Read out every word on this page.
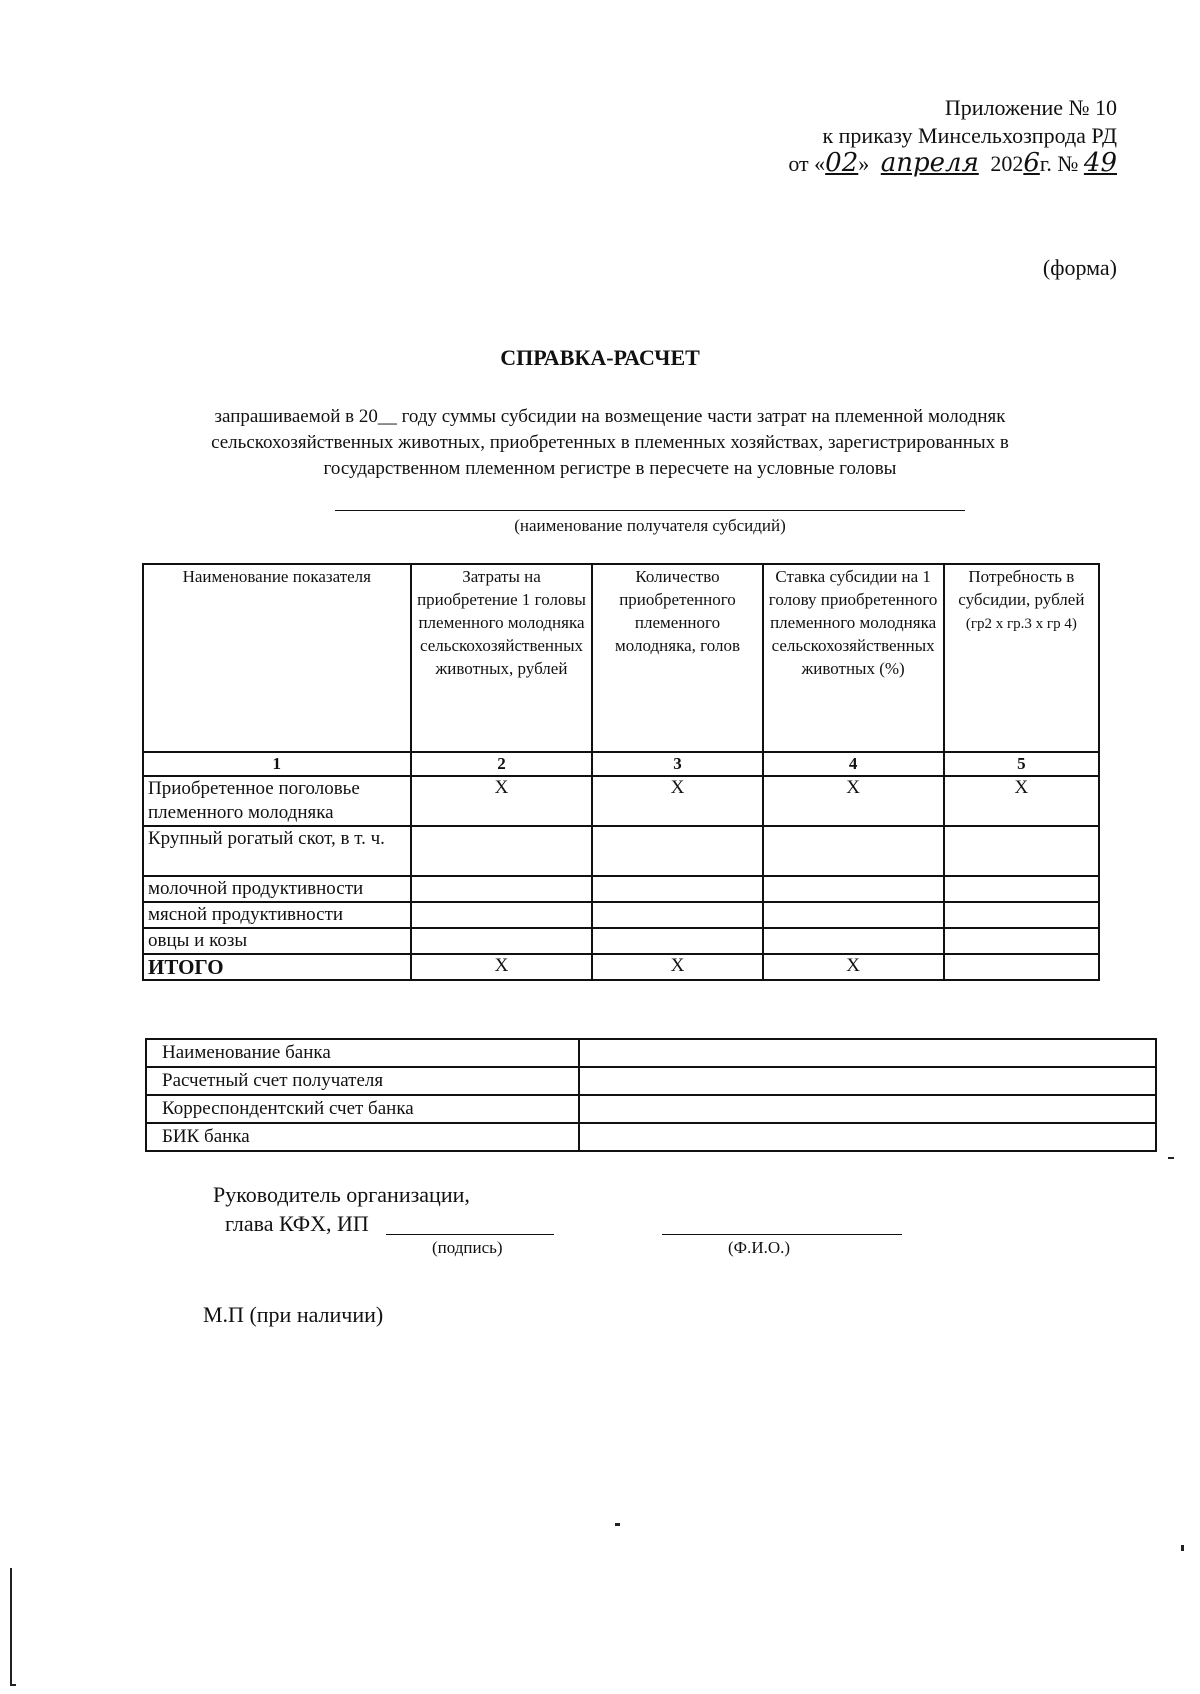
Приложение № 10
к приказу Минсельхозпрода РД
от «02» апреля 2026г. № 49
(форма)
СПРАВКА-РАСЧЕТ
запрашиваемой в 20__ году суммы субсидии на возмещение части затрат на племенной молодняк сельскохозяйственных животных, приобретенных в племенных хозяйствах, зарегистрированных в государственном племенном регистре в пересчете на условные головы
(наименование получателя субсидий)
Наименование показателя	Затраты на приобретение 1 головы племенного молодняка сельскохозяйственных животных, рублей	Количество приобретенного племенного молодняка, голов	Ставка субсидии на 1 голову приобретенного племенного молодняка сельскохозяйственных животных (%)	Потребность в субсидии, рублей
(гр2 х гр.3 х гр 4)
1	2	3	4	5
Приобретенное поголовье племенного молодняка	X	X	X	X
Крупный рогатый скот, в т. ч.				
молочной продуктивности				
мясной продуктивности				
овцы и козы				
ИТОГО	X	X	X	
Наименование банка	
Расчетный счет получателя	
Корреспондентский счет банка	
БИК банка	
Руководитель организации,
глава КФХ, ИП
(подпись)	(Ф.И.О.)
М.П (при наличии)
